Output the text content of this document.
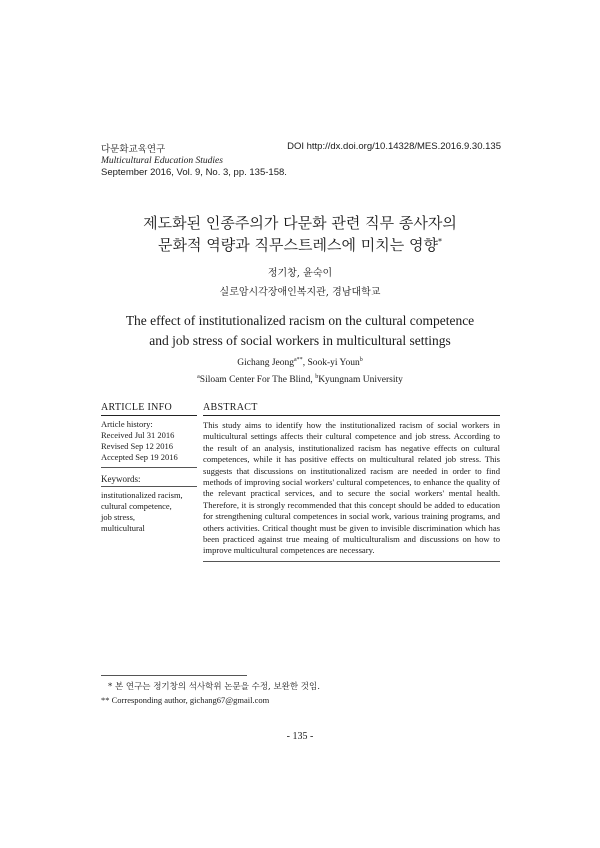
다문화교육연구	DOI http://dx.doi.org/10.14328/MES.2016.9.30.135
Multicultural Education Studies
September 2016, Vol. 9, No. 3, pp. 135-158.
제도화된 인종주의가 다문화 관련 직무 종사자의
문화적 역량과 직무스트레스에 미치는 영향*
정기창, 윤숙이
실로암시각장애인복지관, 경남대학교
The effect of institutionalized racism on the cultural competence
and job stress of social workers in multicultural settings
Gichang Jeong$^{a**}$, Sook-yi Youn$^b$
$^a$Siloam Center For The Blind, $^b$Kyungnam University
ARTICLE INFO
Article history:
Received Jul 31 2016
Revised Sep 12 2016
Accepted Sep 19 2016
Keywords:
institutionalized racism,
cultural competence,
job stress,
multicultural
ABSTRACT

This study aims to identify how the institutionalized racism of social workers in multicultural settings affects their cultural competence and job stress. According to the result of an analysis, institutionalized racism has negative effects on cultural competences, while it has positive effects on multicultural related job stress. This suggests that discussions on institutionalized racism are needed in order to find methods of improving social workers' cultural competences, to enhance the quality of the relevant practical services, and to secure the social workers' mental health. Therefore, it is strongly recommended that this concept should be added to education for strengthening cultural competences in social work, various training programs, and others activities. Critical thought must be given to invisible discrimination which has been practiced against true meaing of multiculturalism and discussions on how to improve multicultural competences are necessary.

* 본 연구는 정기창의 석사학위 논문을 수정, 보완한 것임.
** Corresponding author, gichang67@gmail.com
- 135 -
